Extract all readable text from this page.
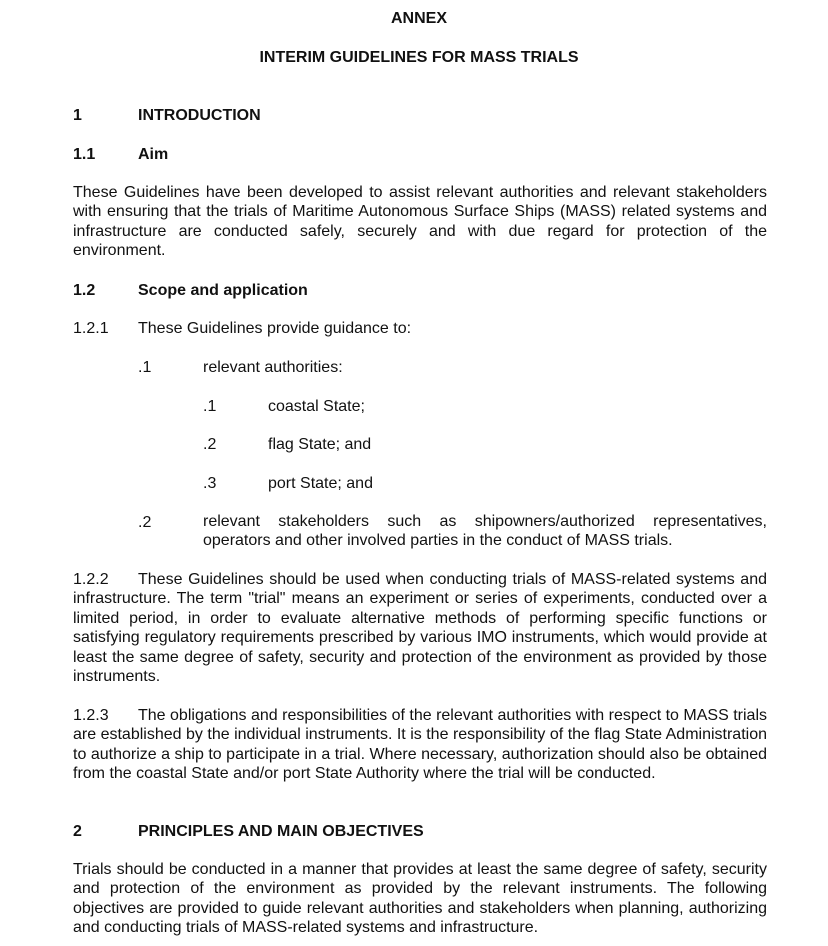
ANNEX
INTERIM GUIDELINES FOR MASS TRIALS
1	INTRODUCTION
1.1	Aim
These Guidelines have been developed to assist relevant authorities and relevant stakeholders with ensuring that the trials of Maritime Autonomous Surface Ships (MASS) related systems and infrastructure are conducted safely, securely and with due regard for protection of the environment.
1.2	Scope and application
1.2.1 These Guidelines provide guidance to:
.1	relevant authorities:
.1	coastal State;
.2	flag State; and
.3	port State; and
.2	relevant stakeholders such as shipowners/authorized representatives, operators and other involved parties in the conduct of MASS trials.
1.2.2 These Guidelines should be used when conducting trials of MASS-related systems and infrastructure. The term "trial" means an experiment or series of experiments, conducted over a limited period, in order to evaluate alternative methods of performing specific functions or satisfying regulatory requirements prescribed by various IMO instruments, which would provide at least the same degree of safety, security and protection of the environment as provided by those instruments.
1.2.3 The obligations and responsibilities of the relevant authorities with respect to MASS trials are established by the individual instruments. It is the responsibility of the flag State Administration to authorize a ship to participate in a trial. Where necessary, authorization should also be obtained from the coastal State and/or port State Authority where the trial will be conducted.
2	PRINCIPLES AND MAIN OBJECTIVES
Trials should be conducted in a manner that provides at least the same degree of safety, security and protection of the environment as provided by the relevant instruments. The following objectives are provided to guide relevant authorities and stakeholders when planning, authorizing and conducting trials of MASS-related systems and infrastructure.
